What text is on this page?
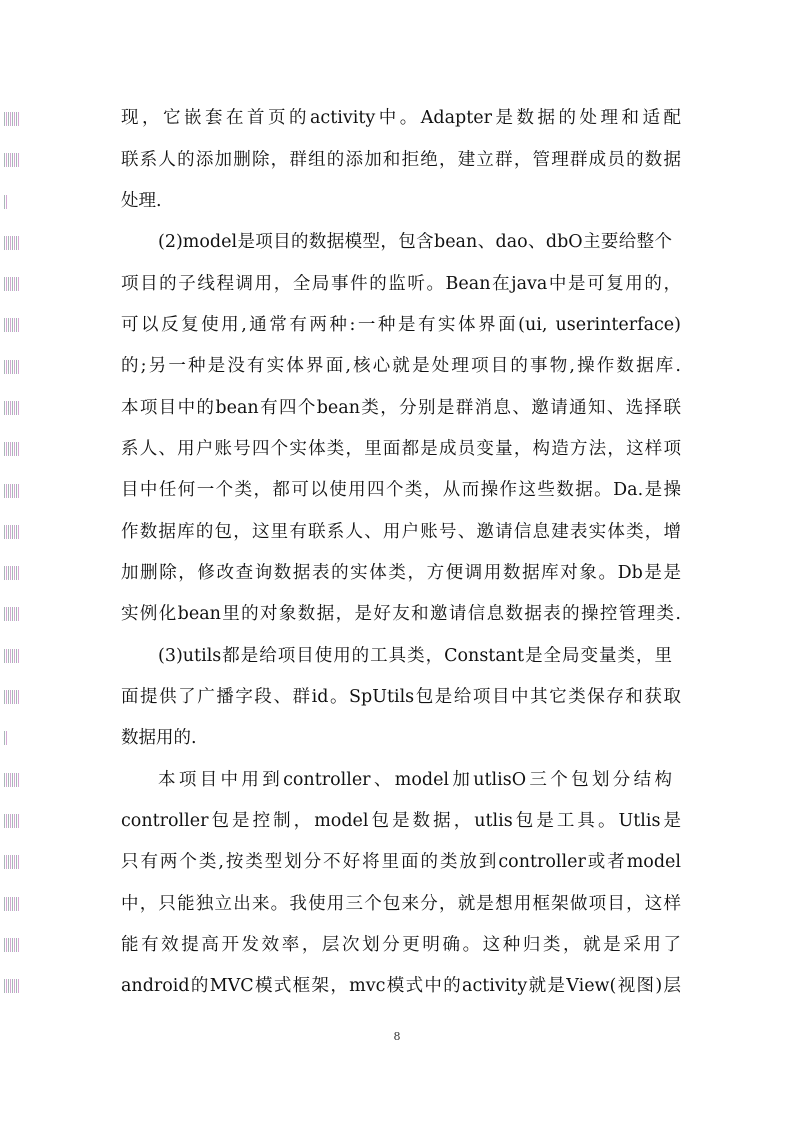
现，它嵌套在首页的activity中。Adapter是数据的处理和适配
联系人的添加删除，群组的添加和拒绝，建立群，管理群成员的数据
处理.
(2)model是项目的数据模型，包含bean、dao、dbO主要给整个
项目的子线程调用，全局事件的监听。Bean在java中是可复用的，
可以反复使用,通常有两种:一种是有实体界面(ui, userinterface)
的;另一种是没有实体界面,核心就是处理项目的事物,操作数据库.
本项目中的bean有四个bean类，分别是群消息、邀请通知、选择联
系人、用户账号四个实体类，里面都是成员变量，构造方法，这样项
目中任何一个类，都可以使用四个类，从而操作这些数据。Da.是操
作数据库的包，这里有联系人、用户账号、邀请信息建表实体类，增
加删除，修改查询数据表的实体类，方便调用数据库对象。Db是是
实例化bean里的对象数据，是好友和邀请信息数据表的操控管理类.
(3)utils都是给项目使用的工具类，Constant是全局变量类，里
面提供了广播字段、群id。SpUtils包是给项目中其它类保存和获取
数据用的.
本项目中用到controller、model加utlisO三个包划分结构
controller包是控制，model包是数据，utlis包是工具。Utlis是
只有两个类,按类型划分不好将里面的类放到controller或者model
中，只能独立出来。我使用三个包来分，就是想用框架做项目，这样
能有效提高开发效率，层次划分更明确。这种归类，就是采用了
android的MVC模式框架，mvc模式中的activity就是View(视图)层
8
